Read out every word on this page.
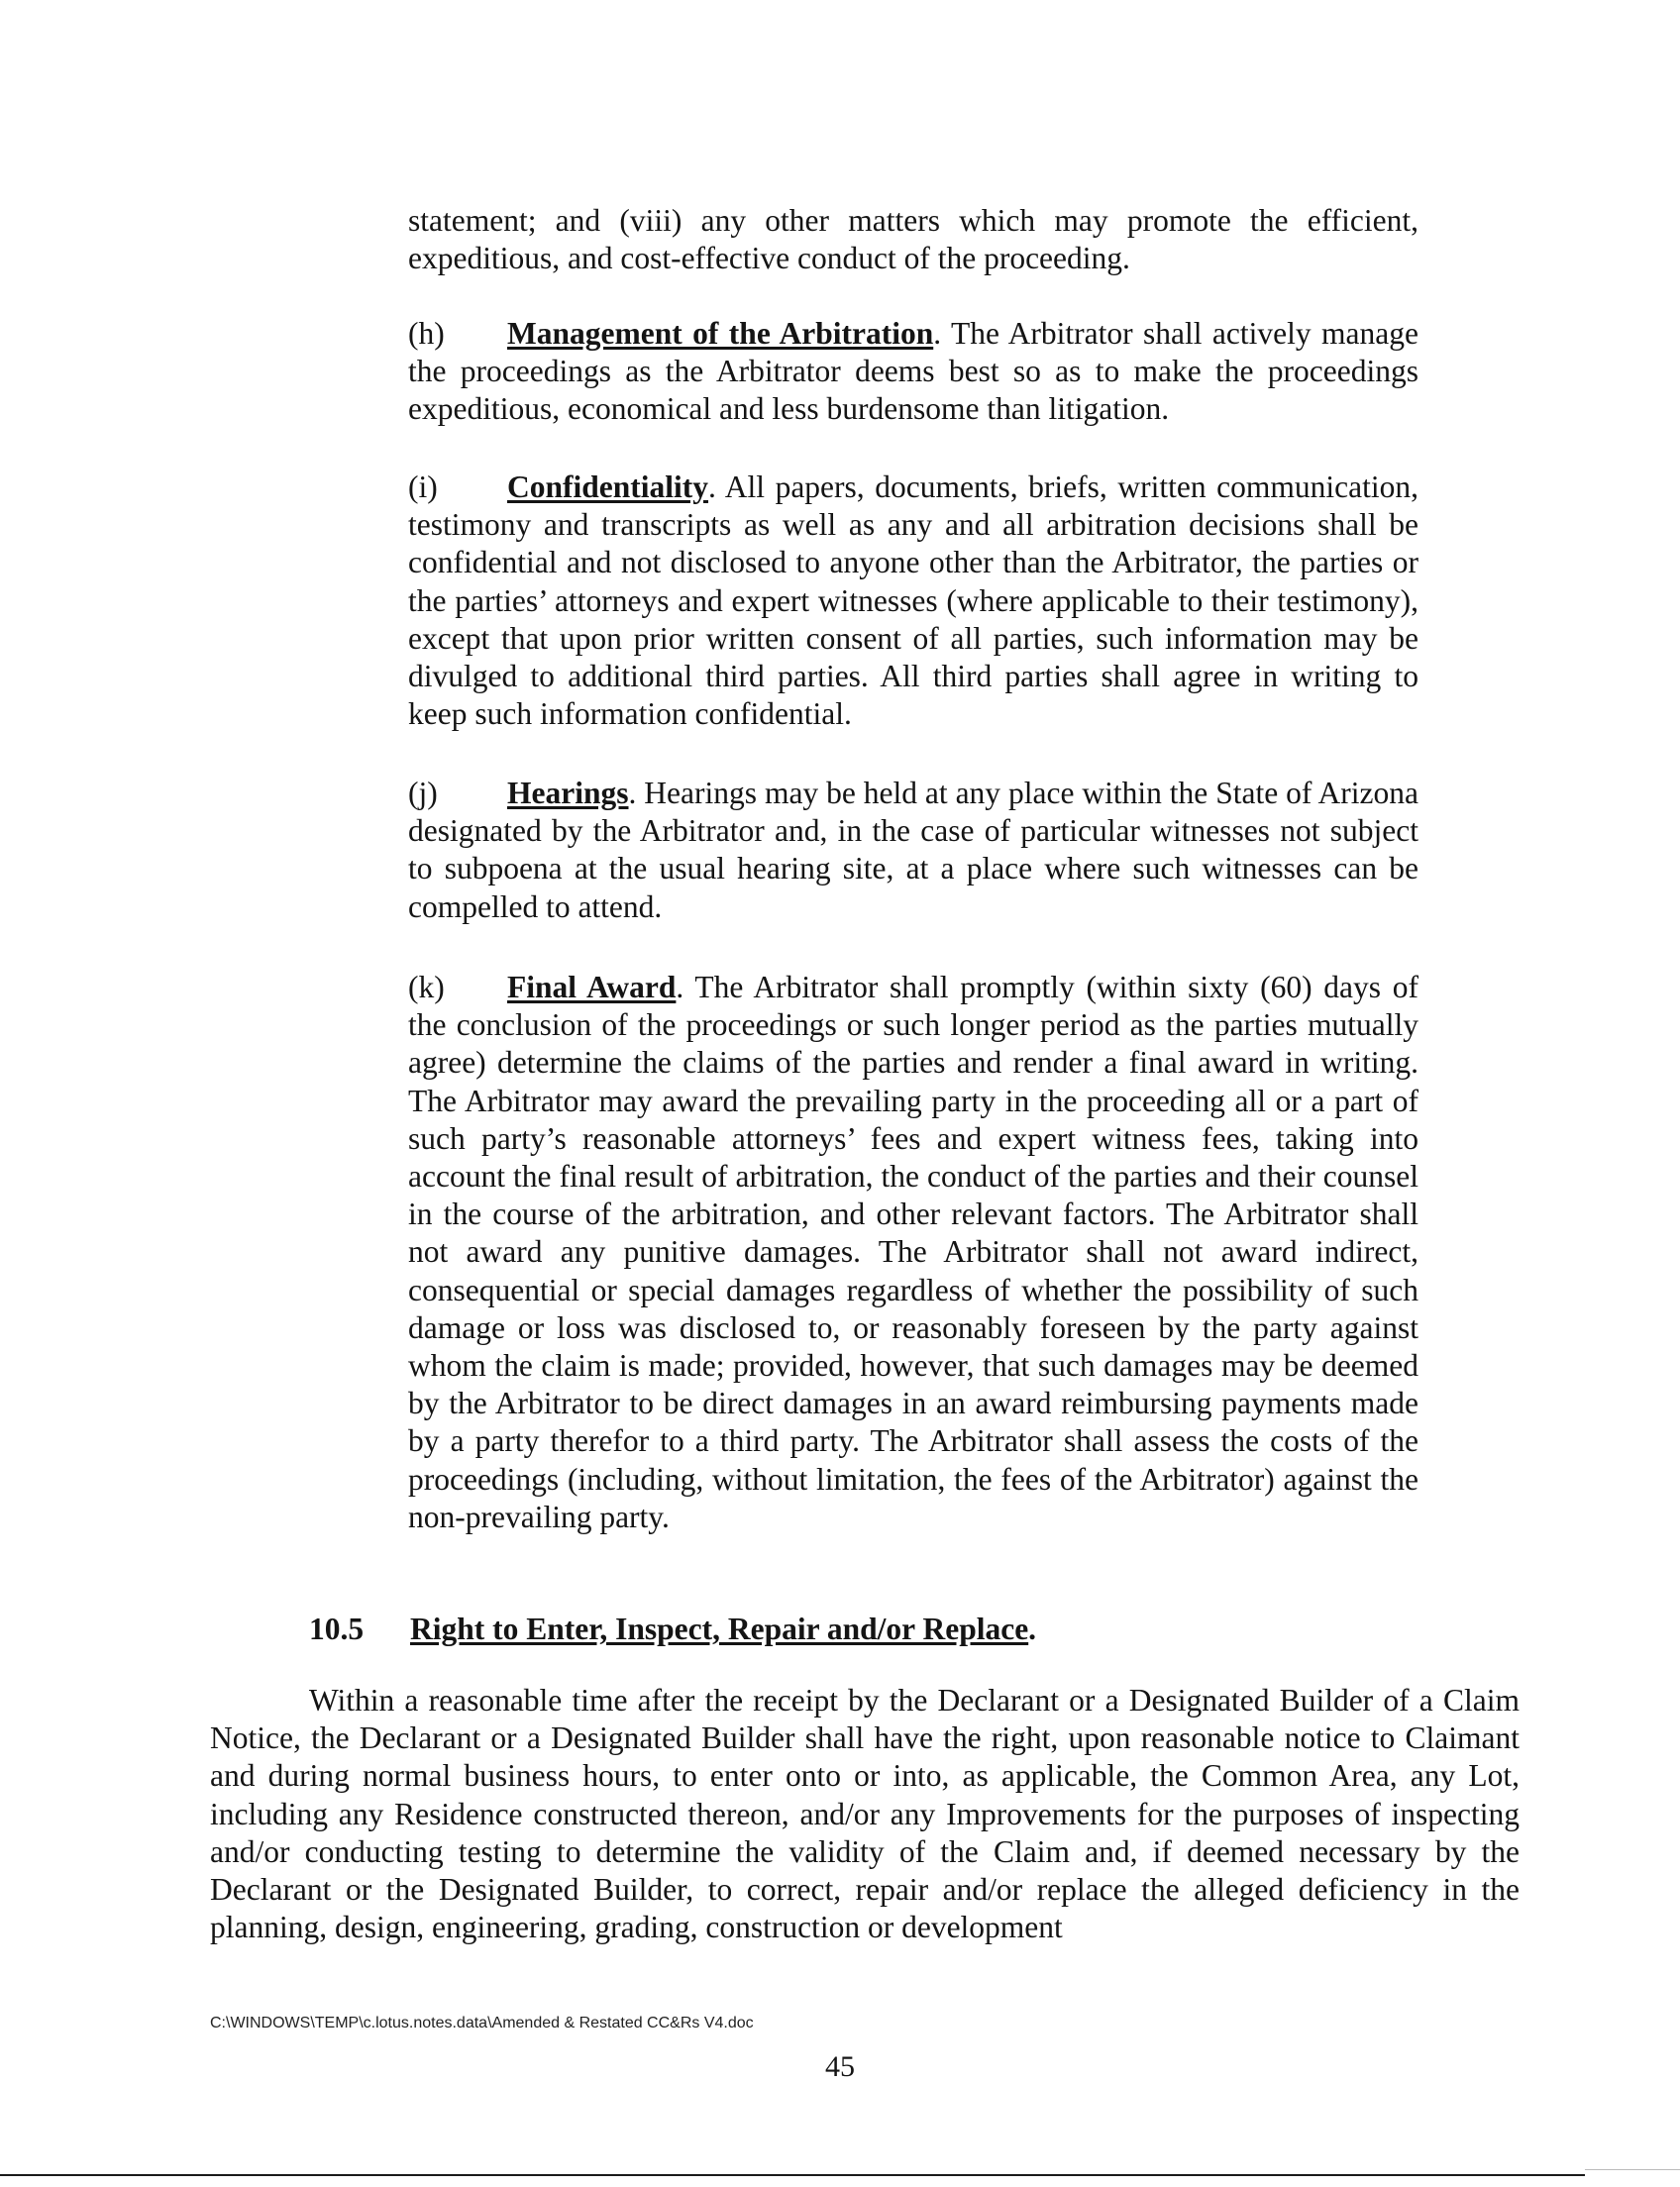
statement; and (viii) any other matters which may promote the efficient, expeditious, and cost-effective conduct of the proceeding.

(h) Management of the Arbitration. The Arbitrator shall actively manage the proceedings as the Arbitrator deems best so as to make the proceedings expeditious, economical and less burdensome than litigation.

(i) Confidentiality. All papers, documents, briefs, written communication, testimony and transcripts as well as any and all arbitration decisions shall be confidential and not disclosed to anyone other than the Arbitrator, the parties or the parties’ attorneys and expert witnesses (where applicable to their testimony), except that upon prior written consent of all parties, such information may be divulged to additional third parties. All third parties shall agree in writing to keep such information confidential.

(j) Hearings. Hearings may be held at any place within the State of Arizona designated by the Arbitrator and, in the case of particular witnesses not subject to subpoena at the usual hearing site, at a place where such witnesses can be compelled to attend.

(k) Final Award. The Arbitrator shall promptly (within sixty (60) days of the conclusion of the proceedings or such longer period as the parties mutually agree) determine the claims of the parties and render a final award in writing. The Arbitrator may award the prevailing party in the proceeding all or a part of such party’s reasonable attorneys’ fees and expert witness fees, taking into account the final result of arbitration, the conduct of the parties and their counsel in the course of the arbitration, and other relevant factors. The Arbitrator shall not award any punitive damages. The Arbitrator shall not award indirect, consequential or special damages regardless of whether the possibility of such damage or loss was disclosed to, or reasonably foreseen by the party against whom the claim is made; provided, however, that such damages may be deemed by the Arbitrator to be direct damages in an award reimbursing payments made by a party therefor to a third party. The Arbitrator shall assess the costs of the proceedings (including, without limitation, the fees of the Arbitrator) against the non-prevailing party.

10.5 Right to Enter, Inspect, Repair and/or Replace.

Within a reasonable time after the receipt by the Declarant or a Designated Builder of a Claim Notice, the Declarant or a Designated Builder shall have the right, upon reasonable notice to Claimant and during normal business hours, to enter onto or into, as applicable, the Common Area, any Lot, including any Residence constructed thereon, and/or any Improvements for the purposes of inspecting and/or conducting testing to determine the validity of the Claim and, if deemed necessary by the Declarant or the Designated Builder, to correct, repair and/or replace the alleged deficiency in the planning, design, engineering, grading, construction or development

C:\WINDOWS\TEMP\c.lotus.notes.data\Amended & Restated CC&Rs V4.doc

45
